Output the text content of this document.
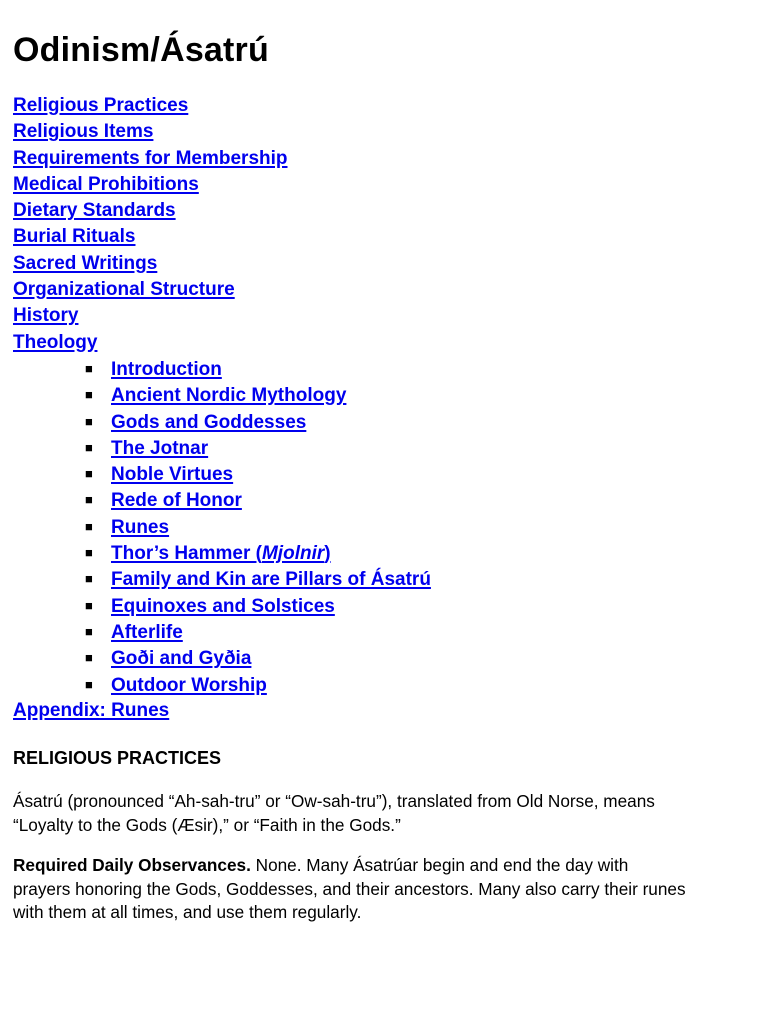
Odinism/Ásatrú
Religious Practices
Religious Items
Requirements for Membership
Medical Prohibitions
Dietary Standards
Burial Rituals
Sacred Writings
Organizational Structure
History
Theology
■ Introduction
■ Ancient Nordic Mythology
■ Gods and Goddesses
■ The Jotnar
■ Noble Virtues
■ Rede of Honor
■ Runes
■ Thor’s Hammer (Mjolnir)
■ Family and Kin are Pillars of Ásatrú
■ Equinoxes and Solstices
■ Afterlife
■ Goði and Gyðia
■ Outdoor Worship
Appendix: Runes
RELIGIOUS PRACTICES

Ásatrú (pronounced “Ah-sah-tru” or “Ow-sah-tru”), translated from Old Norse, means
“Loyalty to the Gods (Æsir),” or “Faith in the Gods.”

Required Daily Observances. None. Many Ásatrúar begin and end the day with
prayers honoring the Gods, Goddesses, and their ancestors. Many also carry their runes
with them at all times, and use them regularly.
